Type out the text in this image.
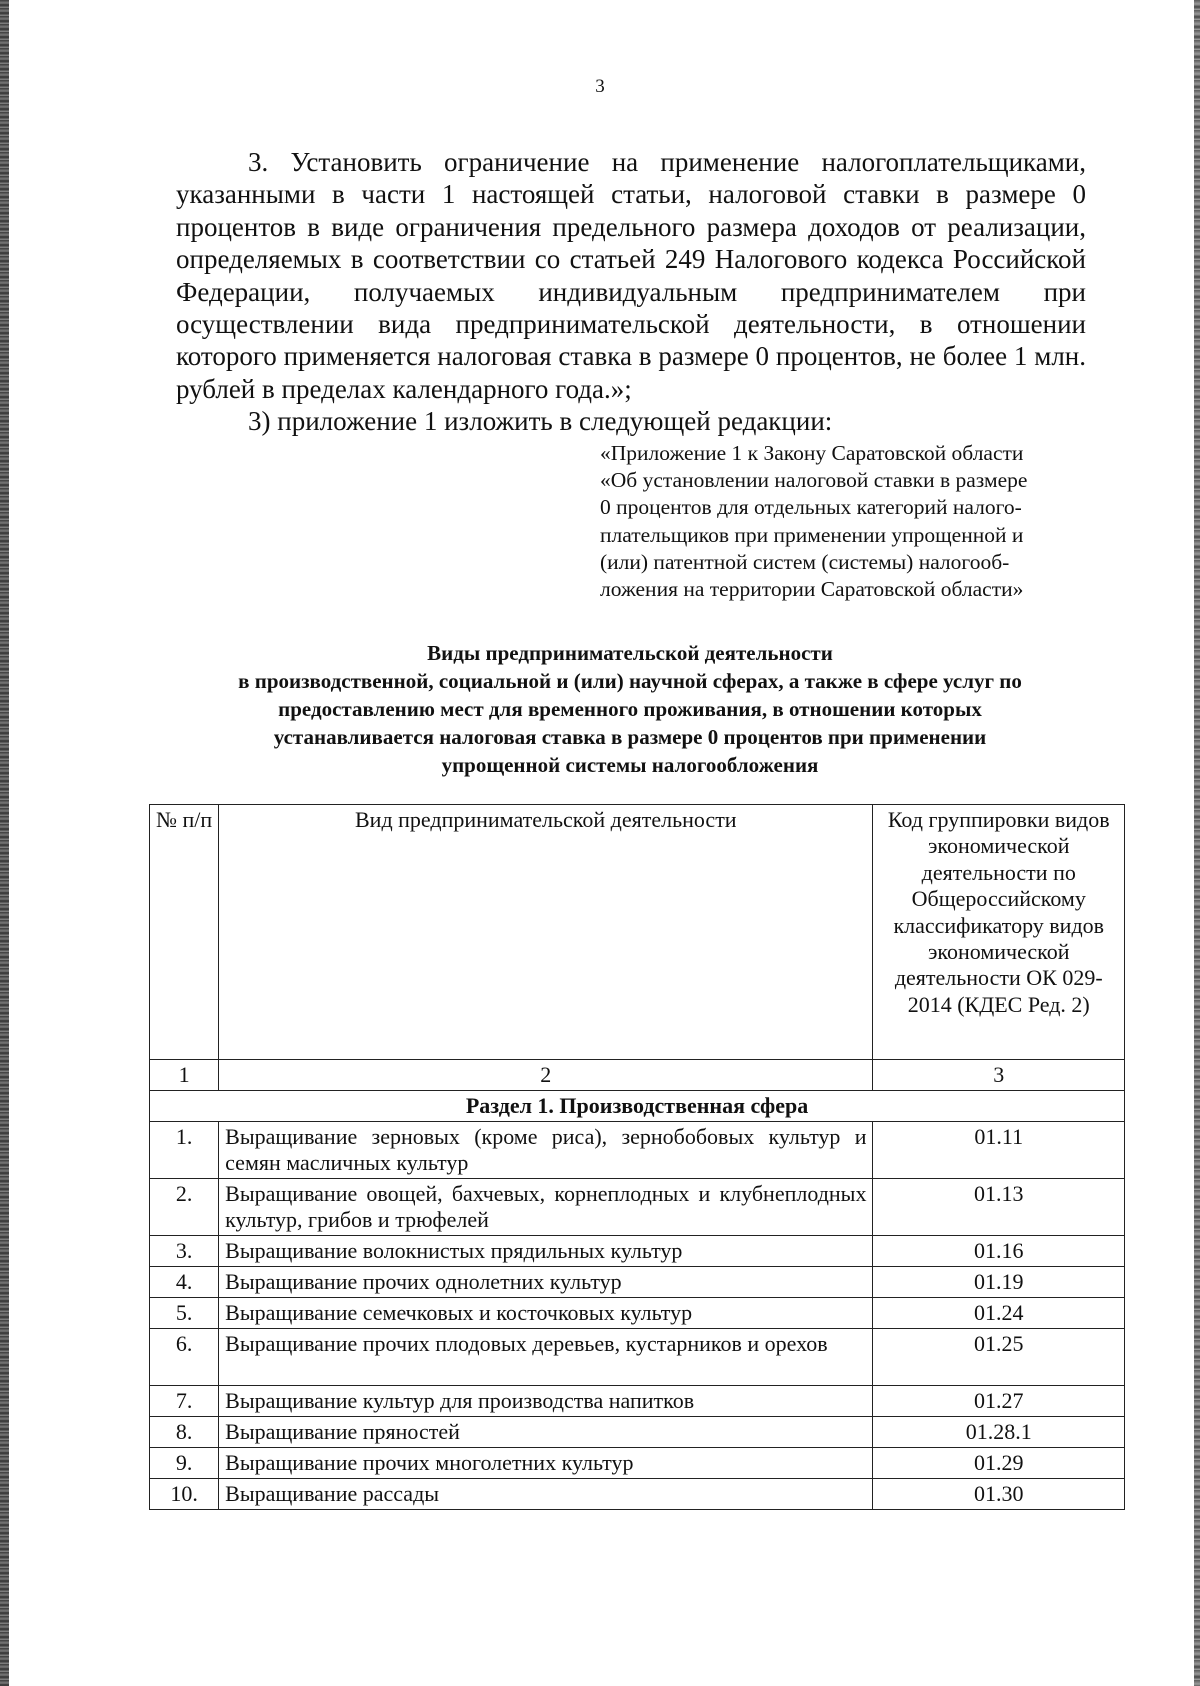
3

3. Установить ограничение на применение налогоплательщиками, указанными в части 1 настоящей статьи, налоговой ставки в размере 0 процентов в виде ограничения предельного размера доходов от реализации, определяемых в соответствии со статьей 249 Налогового кодекса Российской Федерации, получаемых индивидуальным предпринимателем при осуществлении вида предпринимательской деятельности, в отношении которого применяется налоговая ставка в размере 0 процентов, не более 1 млн. рублей в пределах календарного года.»;

3) приложение 1 изложить в следующей редакции:

«Приложение 1 к Закону Саратовской области
«Об установлении налоговой ставки в размере
0 процентов для отдельных категорий налого-
плательщиков при применении упрощенной и
(или) патентной систем (системы) налогооб-
ложения на территории Саратовской области»
Виды предпринимательской деятельности
в производственной, социальной и (или) научной сферах, а также в сфере услуг по
предоставлению мест для временного проживания, в отношении которых
устанавливается налоговая ставка в размере 0 процентов при применении
упрощенной системы налогообложения
№ п/п	Вид предпринимательской деятельности	Код группировки видов экономической деятельности по Общероссийскому классификатору видов экономической деятельности ОК 029-2014 (КДЕС Ред. 2)
1	2	3
Раздел 1. Производственная сфера		
1.	Выращивание зерновых (кроме риса), зернобобовых культур и семян масличных культур	01.11
2.	Выращивание овощей, бахчевых, корнеплодных и клубнеплодных культур, грибов и трюфелей	01.13
3.	Выращивание волокнистых прядильных культур	01.16
4.	Выращивание прочих однолетних культур	01.19
5.	Выращивание семечковых и косточковых культур	01.24
6.	Выращивание прочих плодовых деревьев, кустарников и орехов	01.25
7.	Выращивание культур для производства напитков	01.27
8.	Выращивание пряностей	01.28.1
9.	Выращивание прочих многолетних культур	01.29
10.	Выращивание рассады	01.30
